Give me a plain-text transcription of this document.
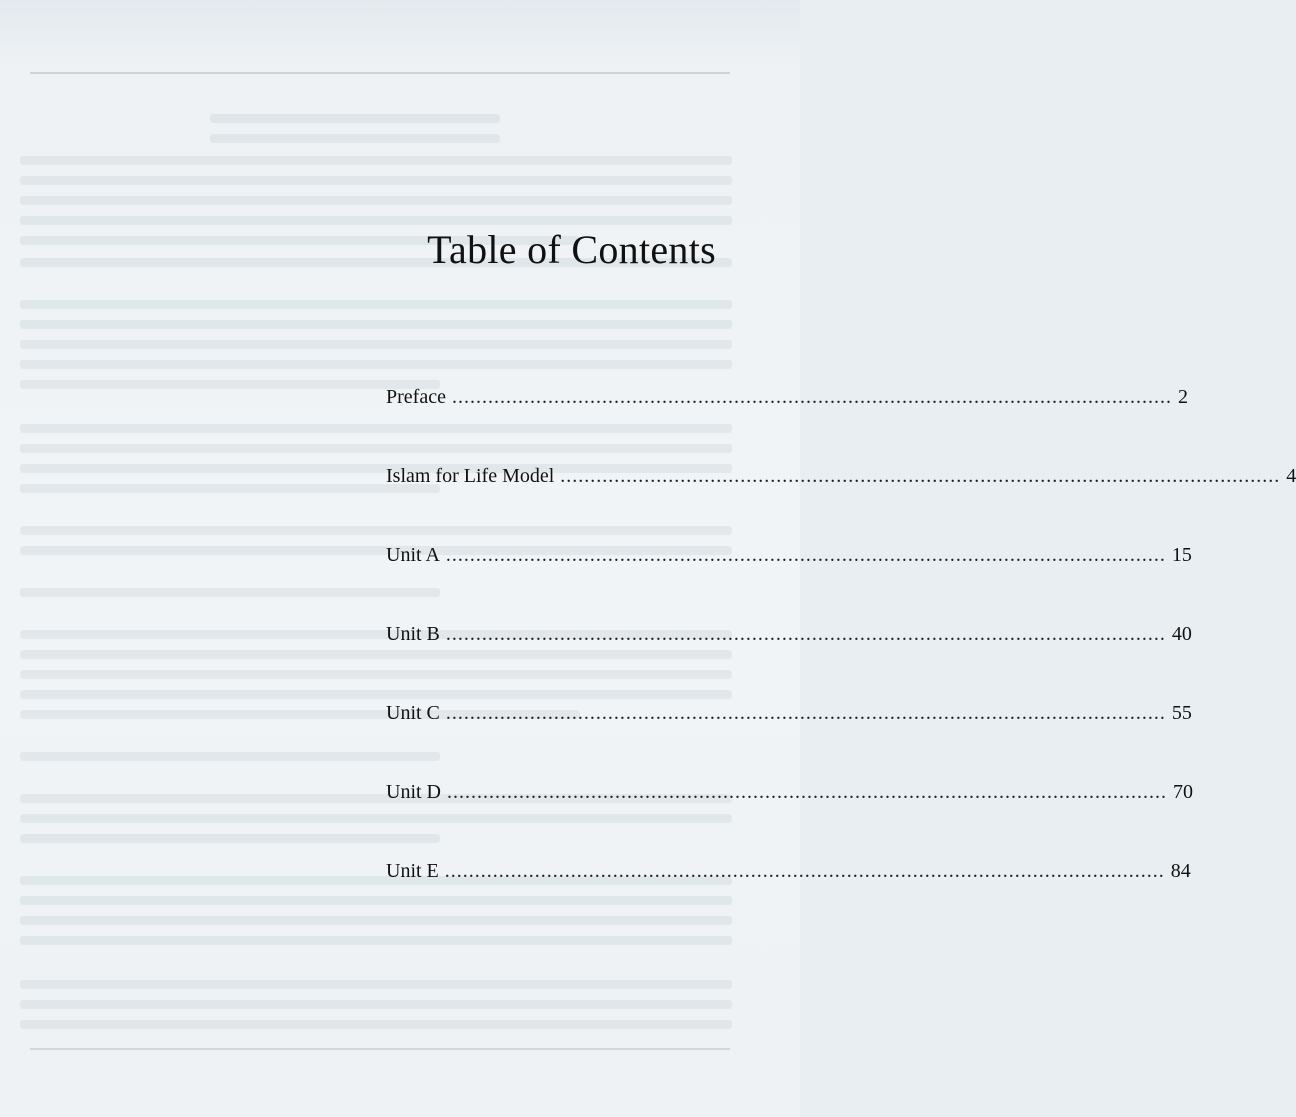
Table of Contents
Preface ........................................................................................................................ 2
Islam for Life Model ........................................................................................................................ 4
Unit A ........................................................................................................................ 15
Unit B ........................................................................................................................ 40
Unit C ........................................................................................................................ 55
Unit D ........................................................................................................................ 70
Unit E ........................................................................................................................ 84
